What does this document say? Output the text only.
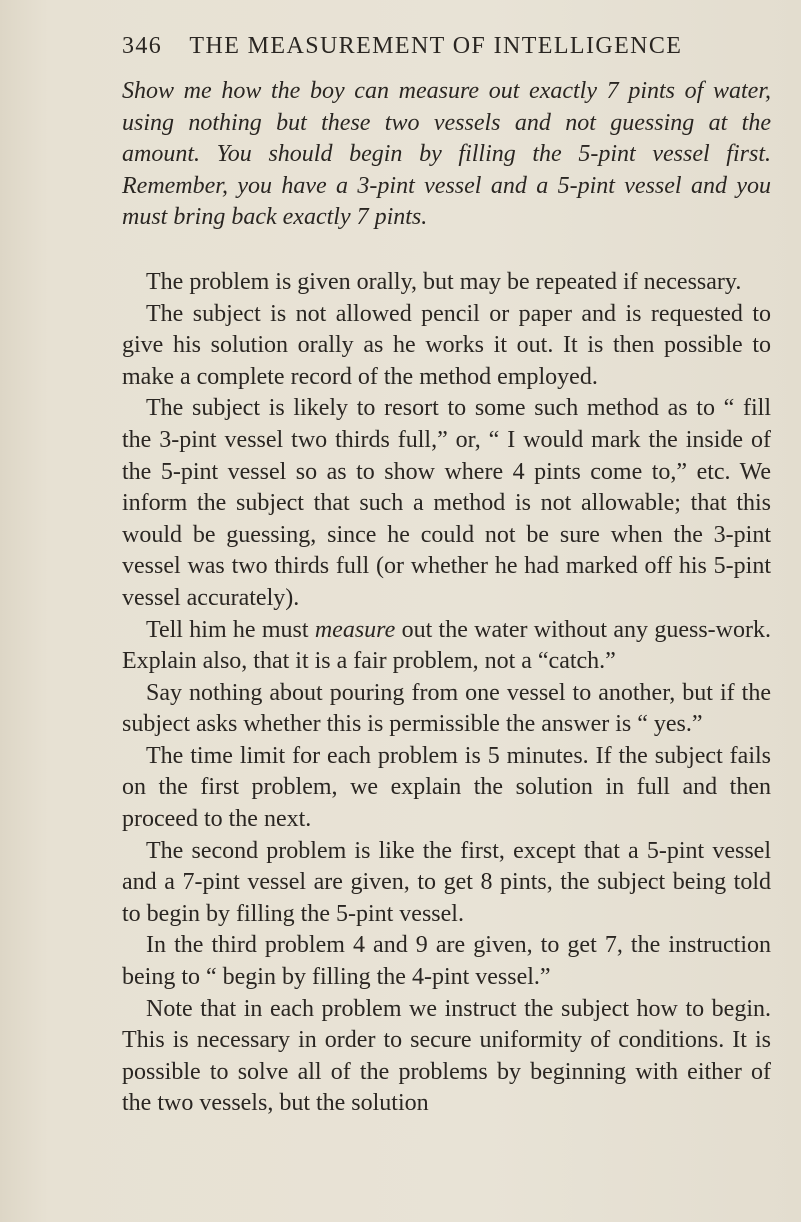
346 THE MEASUREMENT OF INTELLIGENCE

Show me how the boy can measure out exactly 7 pints of water, using nothing but these two vessels and not guessing at the amount. You should begin by filling the 5-pint vessel first. Remember, you have a 3-pint vessel and a 5-pint vessel and you must bring back exactly 7 pints.

The problem is given orally, but may be repeated if necessary.

The subject is not allowed pencil or paper and is requested to give his solution orally as he works it out. It is then possible to make a complete record of the method employed.

The subject is likely to resort to some such method as to “ fill the 3-pint vessel two thirds full,” or, “ I would mark the inside of the 5-pint vessel so as to show where 4 pints come to,” etc. We inform the subject that such a method is not allowable; that this would be guessing, since he could not be sure when the 3-pint vessel was two thirds full (or whether he had marked off his 5-pint vessel accurately).

Tell him he must measure out the water without any guess-work. Explain also, that it is a fair problem, not a “catch.”

Say nothing about pouring from one vessel to another, but if the subject asks whether this is permissible the answer is “ yes.”

The time limit for each problem is 5 minutes. If the subject fails on the first problem, we explain the solution in full and then proceed to the next.

The second problem is like the first, except that a 5-pint vessel and a 7-pint vessel are given, to get 8 pints, the subject being told to begin by filling the 5-pint vessel.

In the third problem 4 and 9 are given, to get 7, the instruction being to “ begin by filling the 4-pint vessel.”

Note that in each problem we instruct the subject how to begin. This is necessary in order to secure uniformity of conditions. It is possible to solve all of the problems by beginning with either of the two vessels, but the solution
